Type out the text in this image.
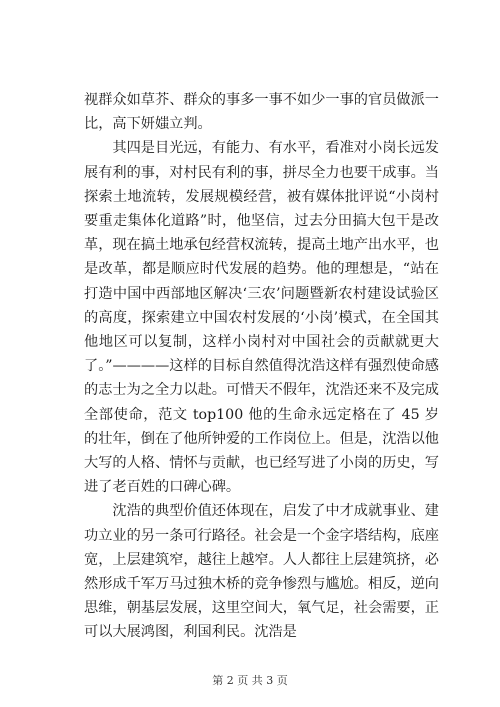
视群众如草芥、群众的事多一事不如少一事的官员做派一比，高下妍媸立判。

其四是目光远，有能力、有水平，看准对小岗长远发展有利的事，对村民有利的事，拼尽全力也要干成事。当探索土地流转，发展规模经营，被有媒体批评说“小岗村要重走集体化道路”时，他坚信，过去分田搞大包干是改革，现在搞土地承包经营权流转，提高土地产出水平，也是改革，都是顺应时代发展的趋势。他的理想是，“站在打造中国中西部地区解决‘三农’问题暨新农村建设试验区的高度，探索建立中国农村发展的‘小岗’模式，在全国其他地区可以复制，这样小岗村对中国社会的贡献就更大了。”————这样的目标自然值得沈浩这样有强烈使命感的志士为之全力以赴。可惜天不假年，沈浩还来不及完成全部使命，范文 top100 他的生命永远定格在了 45 岁的壮年，倒在了他所钟爱的工作岗位上。但是，沈浩以他大写的人格、情怀与贡献，也已经写进了小岗的历史，写进了老百姓的口碑心碑。

沈浩的典型价值还体现在，启发了中才成就事业、建功立业的另一条可行路径。社会是一个金字塔结构，底座宽，上层建筑窄，越往上越窄。人人都往上层建筑挤，必然形成千军万马过独木桥的竞争惨烈与尴尬。相反，逆向思维，朝基层发展，这里空间大，氧气足，社会需要，正可以大展鸿图，利国利民。沈浩是

第 2 页 共 3 页
